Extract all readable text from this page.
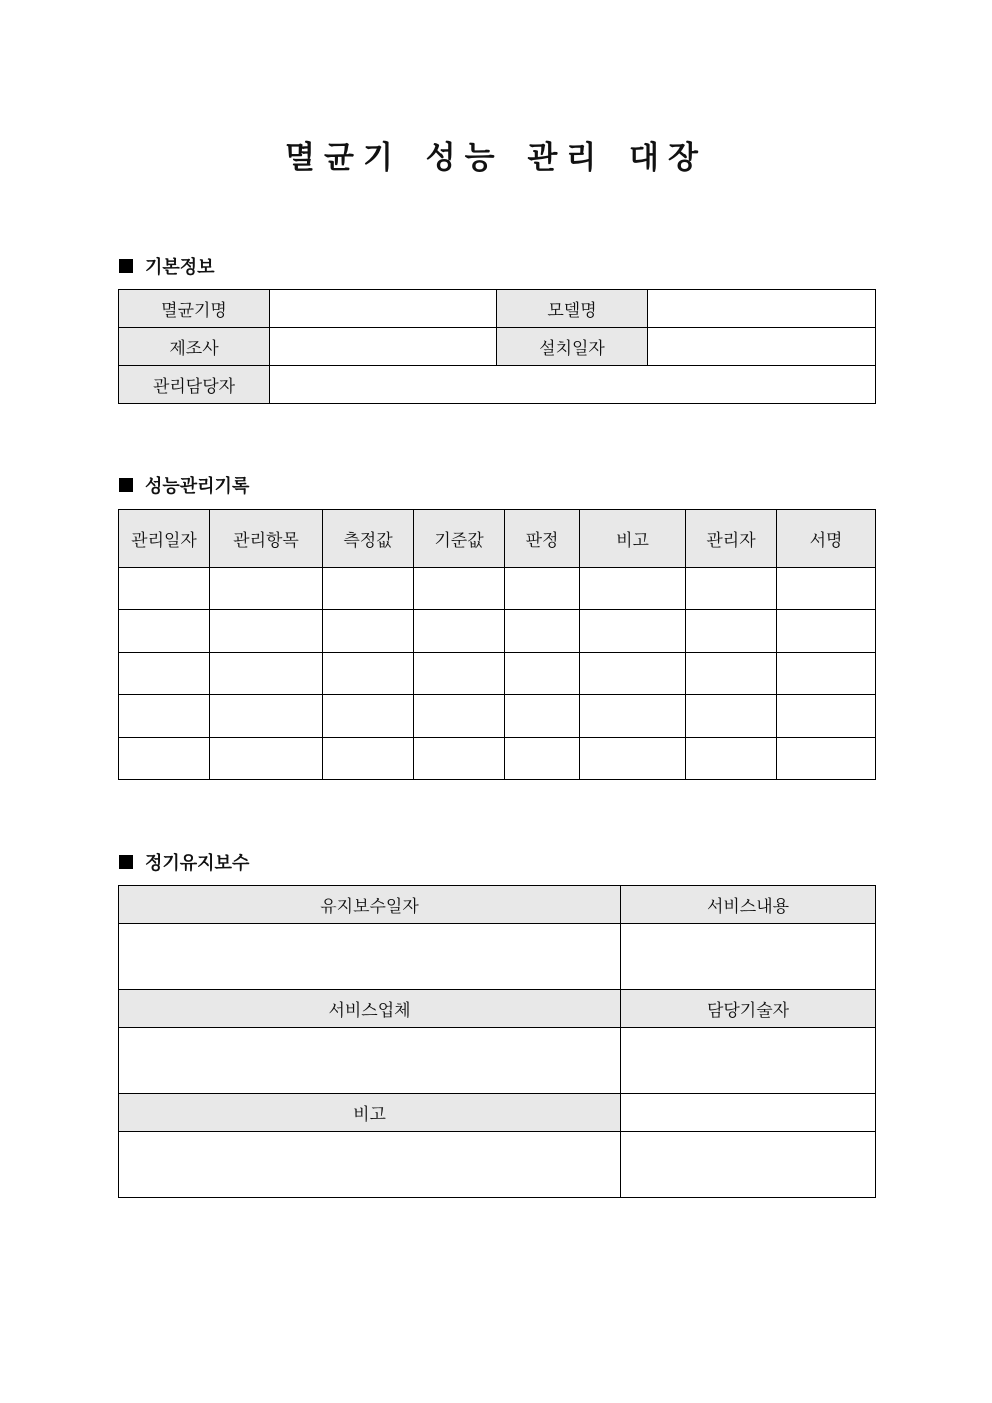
멸균기 성능 관리 대장
기본정보
멸균기명		모델명	
제조사		설치일자	
관리담당자			
성능관리기록
관리일자	관리항목	측정값	기준값	판정	비고	관리자	서명

정기유지보수
유지보수일자	서비스내용

서비스업체	담당기술자

비고	
